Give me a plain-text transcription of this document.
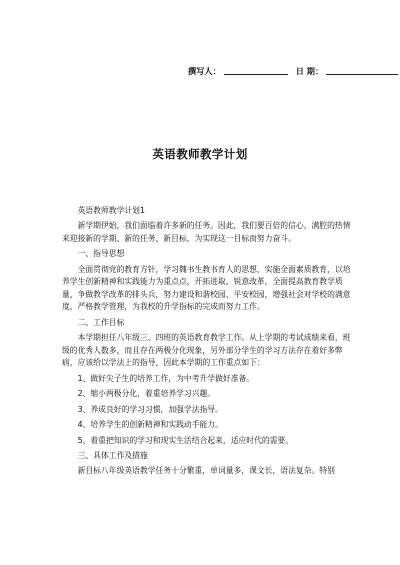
撰写人：	日 期：
英语教师教学计划

英语教师教学计划1

新学期伊始，我们面临着许多新的任务。因此，我们要百倍的信心，满腔的热情来迎接新的学期、新的任务、新目标，为实现这一目标而努力奋斗。

一、指导思想

全面贯彻党的教育方针，学习魏书生教书育人的思想，实施全面素质教育，以培养学生创新精神和实践能力为重点点，开拓进取，锐意改革，全面提高教育教学质量，争做教学改革的排头兵，努力建设和谐校园、平安校园，增强社会对学校的满意度，严格教学管理，为我校的升学指标的完成而努力工作。

二、工作目标

本学期担任八年级三、四班的英语教育教学工作。从上学期的考试成绩来看，班级的优秀人数多，而且存在两极分化现象，另外部分学生的学习方法存在着好多弊病，应该给以学法上的指导，因此本学期的工作重点如下：

1、做好尖子生的培养工作，为中考升学做好准备。
2、缩小两极分化，着重培养学习兴趣。
3、养成良好的学习习惯，加强学法指导。
4、培养学生的创新精神和实践动手能力。
5、着重把知识的学习和现实生活结合起来，适应时代的需要。

三、具体工作及措施

新目标八年级英语教学任务十分繁重，单词量多，课文长，语法复杂。特别
